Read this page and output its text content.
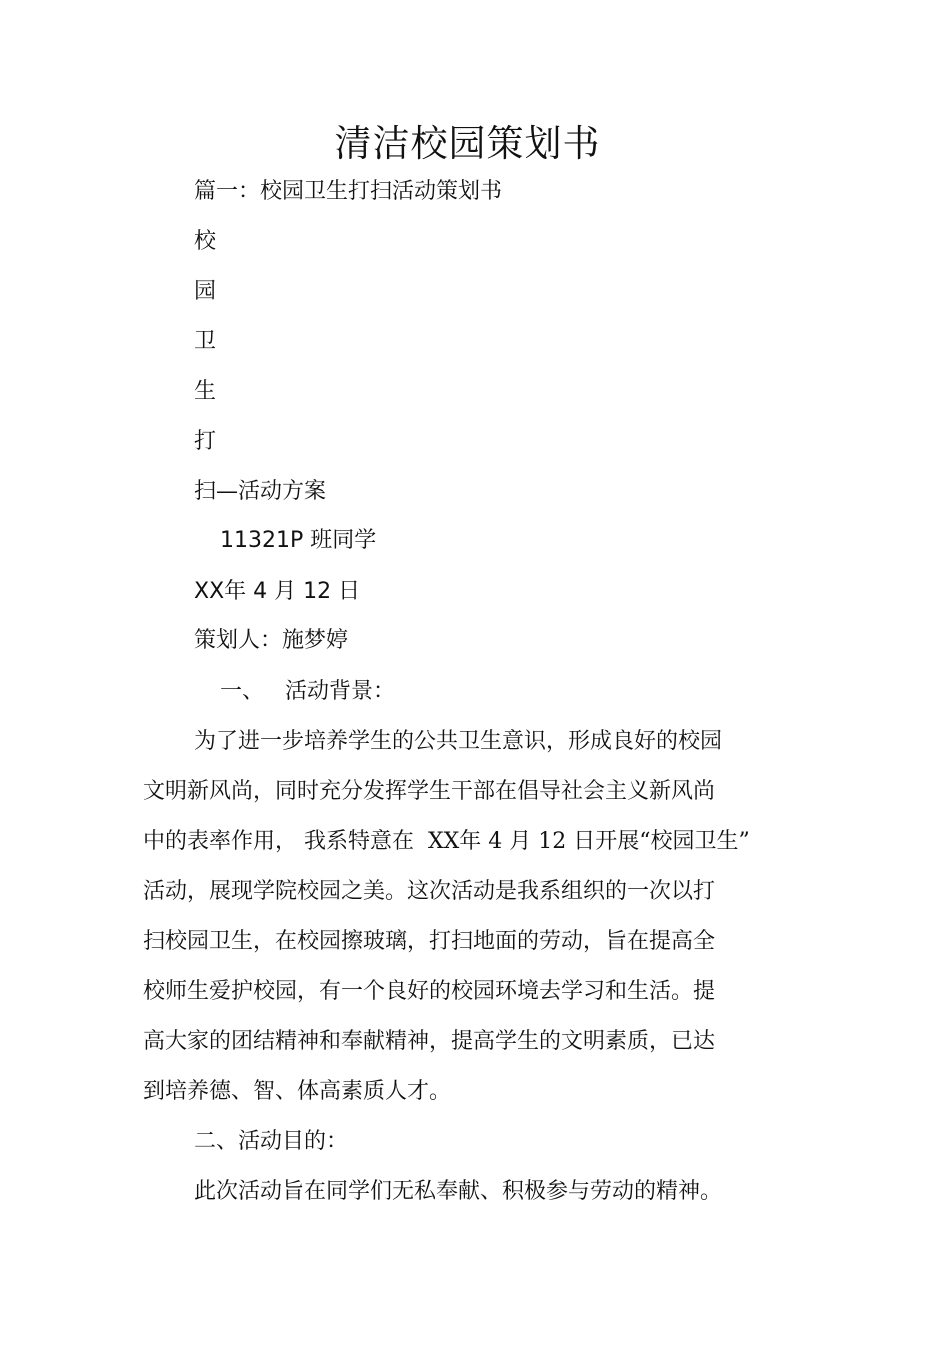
清洁校园策划书

篇一：校园卫生打扫活动策划书

校

园

卫

生

打

扫—活动方案

11321P 班同学

XX年 4 月 12 日

策划人：施梦婷

一、   活动背景：

为了进一步培养学生的公共卫生意识，形成良好的校园

文明新风尚，同时充分发挥学生干部在倡导社会主义新风尚

中的表率作用， 我系特意在  XX年 4 月 12 日开展“校园卫生”

活动，展现学院校园之美。这次活动是我系组织的一次以打

扫校园卫生，在校园擦玻璃，打扫地面的劳动，旨在提高全

校师生爱护校园，有一个良好的校园环境去学习和生活。提

高大家的团结精神和奉献精神，提高学生的文明素质，已达

到培养德、智、体高素质人才。

二、活动目的：

此次活动旨在同学们无私奉献、积极参与劳动的精神。
